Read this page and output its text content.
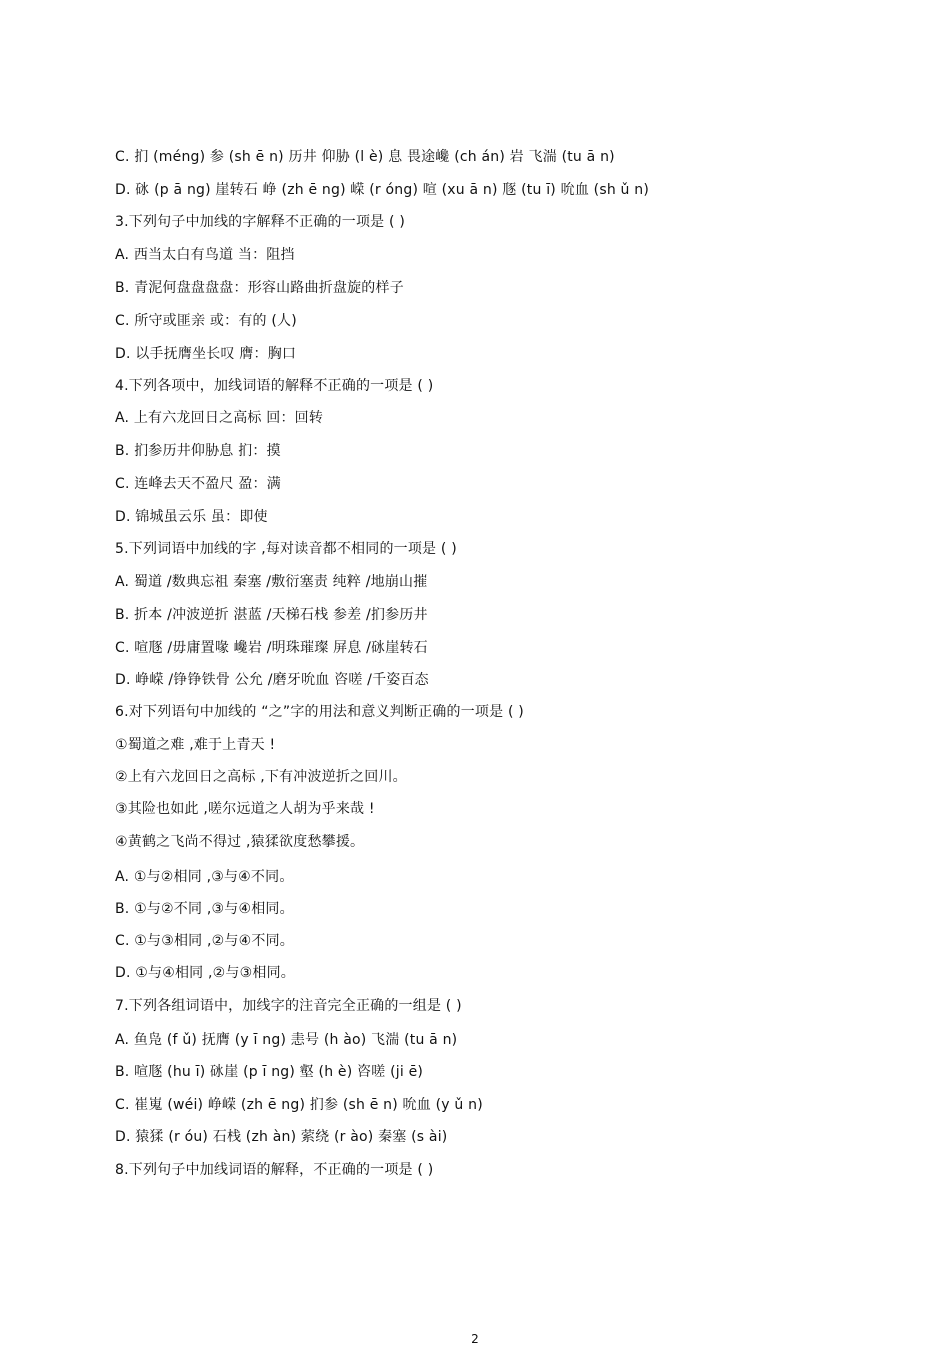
C. 扪 (méng) 参 (sh ē n) 历井 仰胁 (l è) 息 畏途巉 (ch án) 岩 飞湍 (tu ā n)
D. 砯 (p ā ng) 崖转石 峥 (zh ē ng) 嵘 (r óng) 喧 (xu ā n) 豗 (tu ī) 吮血 (sh ǔ n)
3.下列句子中加线的字解释不正确的一项是 ( )
A. 西当太白有鸟道 当：阻挡
B. 青泥何盘盘盘盘：形容山路曲折盘旋的样子
C. 所守或匪亲 或：有的 (人)
D. 以手抚膺坐长叹 膺：胸口
4.下列各项中，加线词语的解释不正确的一项是 ( )
A. 上有六龙回日之高标 回：回转
B. 扪参历井仰胁息 扪：摸
C. 连峰去天不盈尺 盈：满
D. 锦城虽云乐 虽：即使
5.下列词语中加线的字 ,每对读音都不相同的一项是 ( )
A. 蜀道 /数典忘祖 秦塞 /敷衍塞责 纯粹 /地崩山摧
B. 折本 /冲波逆折 湛蓝 /天梯石栈 参差 /扪参历井
C. 喧豗 /毋庸置喙 巉岩 /明珠璀璨 屏息 /砯崖转石
D. 峥嵘 /铮铮铁骨 公允 /磨牙吮血 咨嗟 /千姿百态
6.对下列语句中加线的 “之”字的用法和意义判断正确的一项是 ( )
①蜀道之难 ,难于上青天 !
②上有六龙回日之高标 ,下有冲波逆折之回川。
③其险也如此 ,嗟尔远道之人胡为乎来哉 !
④黄鹤之飞尚不得过 ,猿猱欲度愁攀援。
A. ①与②相同 ,③与④不同。
B. ①与②不同 ,③与④相同。
C. ①与③相同 ,②与④不同。
D. ①与④相同 ,②与③相同。
7.下列各组词语中，加线字的注音完全正确的一组是 ( )
A. 鱼凫 (f ǔ) 抚膺 (y ī ng) 恚号 (h ào) 飞湍 (tu ā n)
B. 喧豗 (hu ī) 砯崖 (p ī ng) 壑 (h è) 咨嗟 (ji ē)
C. 崔嵬 (wéi) 峥嵘 (zh ē ng) 扪参 (sh ē n) 吮血 (y ǔ n)
D. 猿猱 (r óu) 石栈 (zh àn) 萦绕 (r ào) 秦塞 (s ài)
8.下列句子中加线词语的解释，不正确的一项是 ( )
2
